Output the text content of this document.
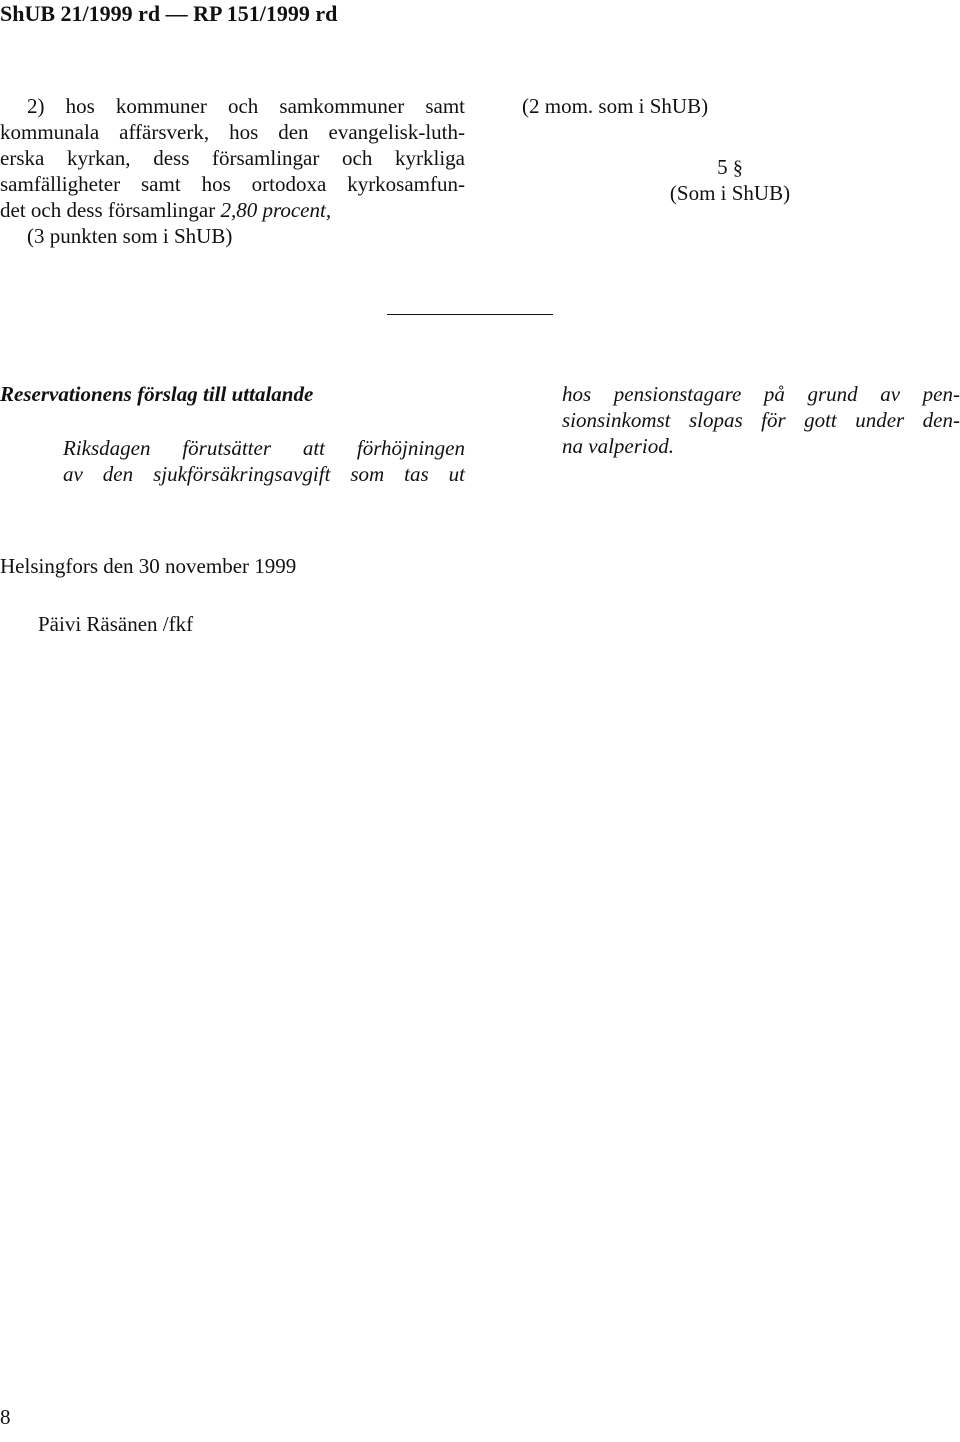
ShUB 21/1999 rd — RP 151/1999 rd
2) hos kommuner och samkommuner samt
kommunala affärsverk, hos den evangelisk-luth-
erska kyrkan, dess församlingar och kyrkliga
samfälligheter samt hos ortodoxa kyrkosamfun-
det och dess församlingar 2,80 procent,
(3 punkten som i ShUB)
(2 mom. som i ShUB)
5 §
(Som i ShUB)
Reservationens förslag till uttalande
Riksdagen förutsätter att förhöjningen
av den sjukförsäkringsavgift som tas ut
hos pensionstagare på grund av pen-
sionsinkomst slopas för gott under den-
na valperiod.
Helsingfors den 30 november 1999
Päivi Räsänen /fkf
8
